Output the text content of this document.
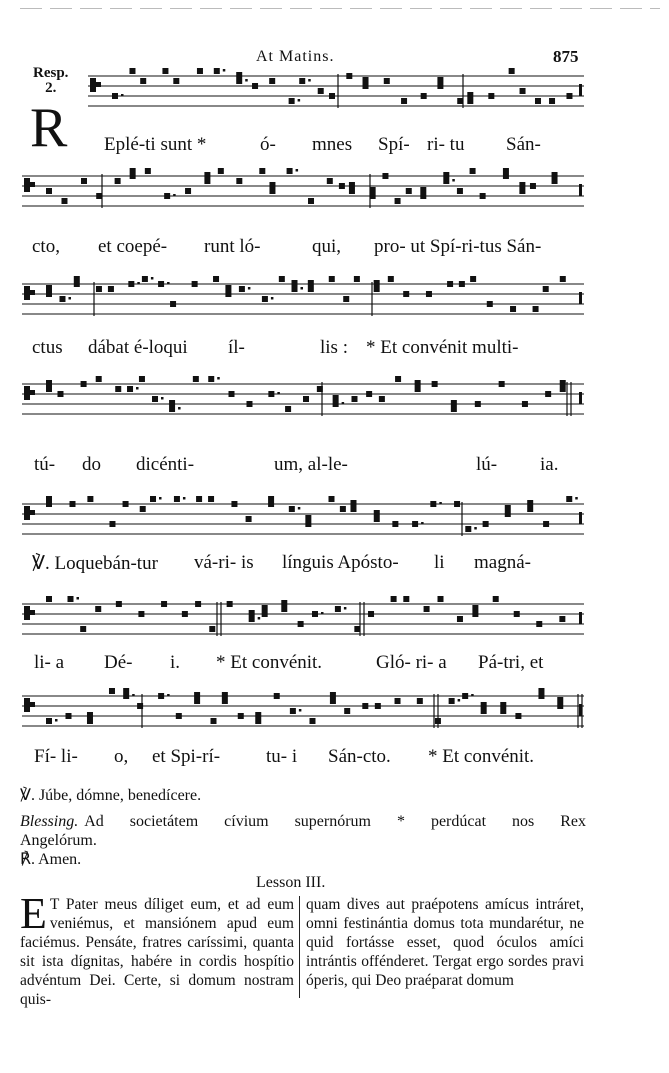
At Matins.	875
Resp.
2.
R Eplé-ti sunt *	ó- mnes Spí- ri- tu Sán-
cto, et coepé- runt ló-	qui, pro- ut Spí-ri-tus Sán-
ctus dábat é-loqui íl-	lis : * Et convénit multi-
tú- do dicénti-	um, al-le-	lú- ia.
℣. Loquebán-tur vá-ri- is línguis Apósto- li magná-
li- a Dé- i. * Et convénit.	Gló- ri- a Pá-tri, et
Fí- li- o, et Spi-rí- tu- i Sán-cto. * Et convénit.
℣. Júbe, dómne, benedícere.
Blessing. Ad societátem cívium supernórum * perdúcat nos Rex
Angelórum.
℟. Amen.
Lesson III.
E T Pater meus díliget eum, et ad eum veniémus, et mansiónem apud eum faciémus. Pensáte, fratres caríssimi, quanta sit ista dígnitas, habére in cordis hospítio advéntum Dei. Certe, si domum nostram quis-
quam dives aut praépotens amícus intráret, omni festinántia domus tota mundarétur, ne quid fortásse esset, quod óculos amíci intrántis offénderet. Tergat ergo sordes pravi óperis, qui Deo praéparat domum
